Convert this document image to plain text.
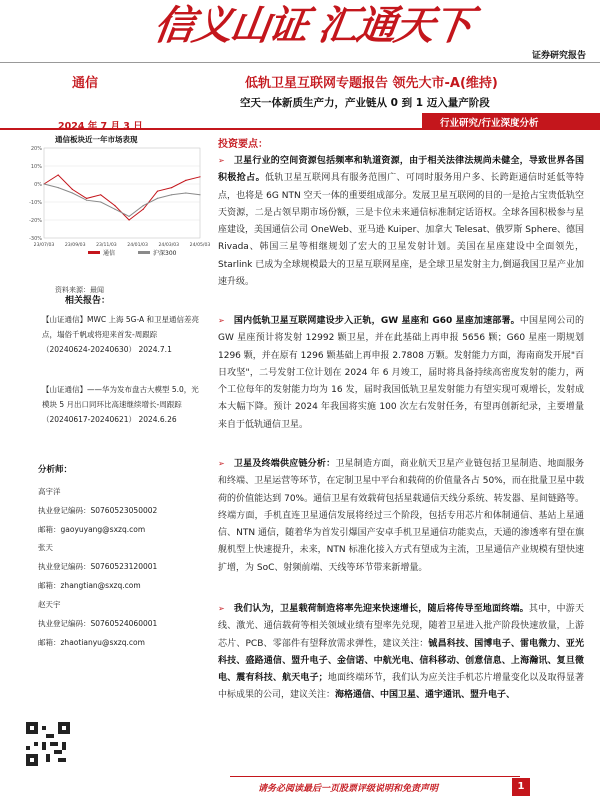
信义山证 汇通天下
证券研究报告
通信	低轨卫星互联网专题报告 领先大市-A(维持)
空天一体新质生产力，产业链从 0 到 1 迈入量产阶段
行业研究/行业深度分析
2024 年 7 月 3 日
通信板块近一年市场表现
-30%
-20%
-10%
0%
10%
20%
23/07/03 23/09/03 23/11/03 24/01/03 24/03/03 24/05/03
通信	沪深300
资料来源：最闻
相关报告：
【山证通信】MWC 上海 5G-A 和卫星通信差亮点，塌俗千帆或将迎来首发-周跟踪（20240624-20240630） 2024.7.1
【山证通信】——华为发布盘古大模型 5.0，光模块 5 月出口同环比高速继续增长-周跟踪（20240617-20240621） 2024.6.26
分析师：
高宇洋
执业登记编码：S0760523050002
邮箱：gaoyuyang@sxzq.com
张天
执业登记编码：S0760523120001
邮箱：zhangtian@sxzq.com
赵天宇
执业登记编码：S0760524060001
邮箱：zhaotianyu@sxzq.com
投资要点：
➢ 卫星行业的空间资源包括频率和轨道资源，由于相关法律法规尚未健全，导致世界各国积极抢占。低轨卫星互联网具有服务范围广、可同时服务用户多、长跨距通信时延低等特点，也将是 6G NTN 空天一体的重要组成部分。发展卫星互联网的目的一是抢占宝贵低轨空天资源，二是占领早期市场份额，三是卡位未来通信标准制定话语权。全球各国积极参与星座建设，美国通信公司 OneWeb、亚马逊 Kuiper、加拿大 Telesat、俄罗斯 Sphere、德国 Rivada、韩国三星等相继规划了宏大的卫星发射计划。美国在星座建设中全面领先，Starlink 已成为全球规模最大的卫星互联网星座，是全球卫星发射主力,倒逼我国卫星产业加速升级。
➢ 国内低轨卫星互联网建设步入正轨，GW 星座和 G60 星座加速部署。中国星网公司的 GW 星座预计将发射 12992 颗卫星，并在此基础上再申报 5656 颗；G60 星座一期规划 1296 颗，并在原有 1296 颗基础上再申报 2.7808 万颗。发射能力方面，海南商发开展"百日攻坚"，二号发射工位计划在 2024 年 6 月竣工，届时将具备持续高密度发射的能力，两个工位每年的发射能力均为 16 发，届时我国低轨卫星发射能力有望实现可观增长，发射成本大幅下降。预计 2024 年我国将实施 100 次左右发射任务，有望再创新纪录，主要增量来自于低轨通信卫星。
➢ 卫星及终端供应链分析：卫星制造方面，商业航天卫星产业链包括卫星制造、地面服务和终端、卫星运营等环节，在定制卫星中平台和载荷的价值量各占 50%，而在批量卫星中载荷的价值能达到 70%。通信卫星有效载荷包括星载通信天线分系统、转发器、星间链路等。终端方面，手机直连卫星通信发展将经过三个阶段，包括专用芯片和体制通信、基站上星通信、NTN 通信，随着华为首发引爆国产安卓手机卫星通信功能卖点，天通的渗透率有望在旗舰机型上快速提升，未来，NTN 标准化接入方式有望成为主流，卫星通信产业规模有望快速扩增，为 SoC、射频前端、天线等环节带来新增量。
➢ 我们认为，卫星载荷制造将率先迎来快速增长，随后将传导至地面终端。其中，中游天线、激光、通信载荷等相关领域业绩有望率先兑现，随着卫星进入批产阶段快速放量，上游芯片、PCB、零部件有望释放需求弹性，建议关注：铖昌科技、国博电子、雷电微力、亚光科技、盛路通信、盟升电子、金信诺、中航光电、信科移动、创意信息、上海瀚讯、复旦微电、震有科技、航天电子；地面终端环节，我们认为应关注手机芯片增量变化以及取得显著中标成果的公司，建议关注：海格通信、中国卫星、通宇通讯、盟升电子、
请务必阅读最后一页股票评级说明和免责声明	1
